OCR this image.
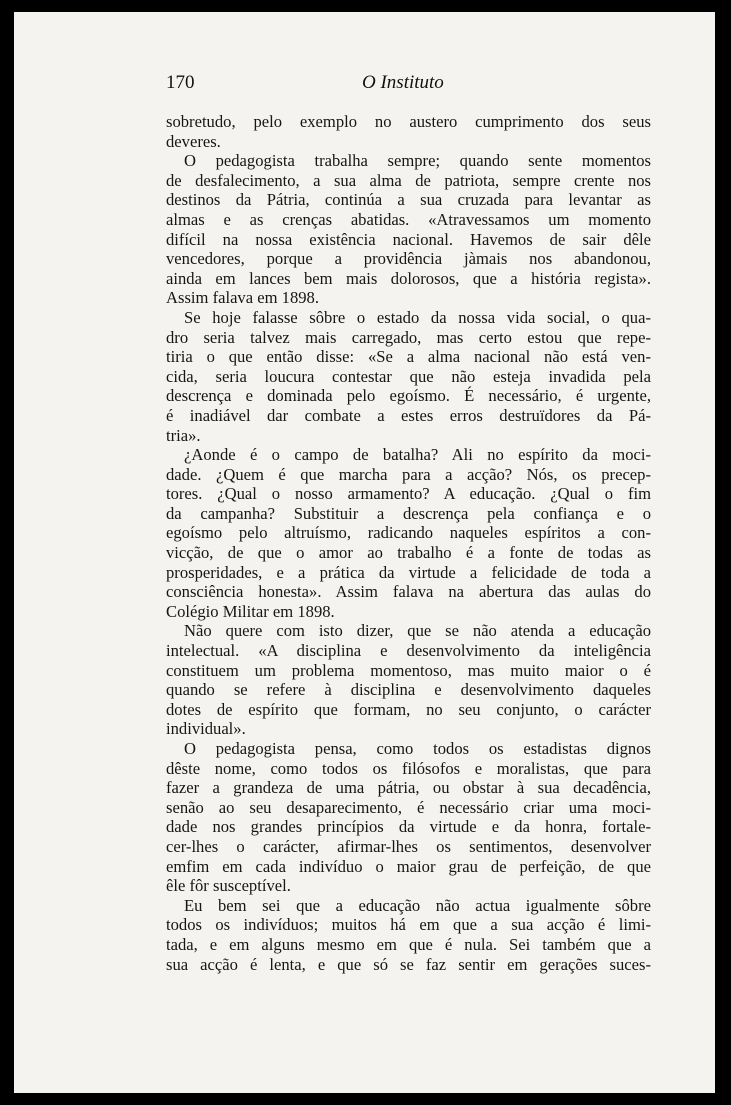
170	O Instituto
sobretudo, pelo exemplo no austero cumprimento dos seus
deveres.
O pedagogista trabalha sempre; quando sente momentos
de desfalecimento, a sua alma de patriota, sempre crente nos
destinos da Pátria, continúa a sua cruzada para levantar as
almas e as crenças abatidas. «Atravessamos um momento
difícil na nossa existência nacional. Havemos de sair dêle
vencedores, porque a providência jàmais nos abandonou,
ainda em lances bem mais dolorosos, que a história regista».
Assim falava em 1898.
Se hoje falasse sôbre o estado da nossa vida social, o qua-
dro seria talvez mais carregado, mas certo estou que repe-
tiria o que então disse: «Se a alma nacional não está ven-
cida, seria loucura contestar que não esteja invadida pela
descrença e dominada pelo egoísmo. É necessário, é urgente,
é inadiável dar combate a estes erros destruïdores da Pá-
tria».
¿Aonde é o campo de batalha? Ali no espírito da moci-
dade. ¿Quem é que marcha para a acção? Nós, os precep-
tores. ¿Qual o nosso armamento? A educação. ¿Qual o fim
da campanha? Substituir a descrença pela confiança e o
egoísmo pelo altruísmo, radicando naqueles espíritos a con-
vicção, de que o amor ao trabalho é a fonte de todas as
prosperidades, e a prática da virtude a felicidade de toda a
consciência honesta». Assim falava na abertura das aulas do
Colégio Militar em 1898.
Não quere com isto dizer, que se não atenda a educação
intelectual. «A disciplina e desenvolvimento da inteligência
constituem um problema momentoso, mas muito maior o é
quando se refere à disciplina e desenvolvimento daqueles
dotes de espírito que formam, no seu conjunto, o carácter
individual».
O pedagogista pensa, como todos os estadistas dignos
dêste nome, como todos os filósofos e moralistas, que para
fazer a grandeza de uma pátria, ou obstar à sua decadência,
senão ao seu desaparecimento, é necessário criar uma moci-
dade nos grandes princípios da virtude e da honra, fortale-
cer-lhes o carácter, afirmar-lhes os sentimentos, desenvolver
emfim em cada indivíduo o maior grau de perfeição, de que
êle fôr susceptível.
Eu bem sei que a educação não actua igualmente sôbre
todos os indivíduos; muitos há em que a sua acção é limi-
tada, e em alguns mesmo em que é nula. Sei também que a
sua acção é lenta, e que só se faz sentir em gerações suces-
